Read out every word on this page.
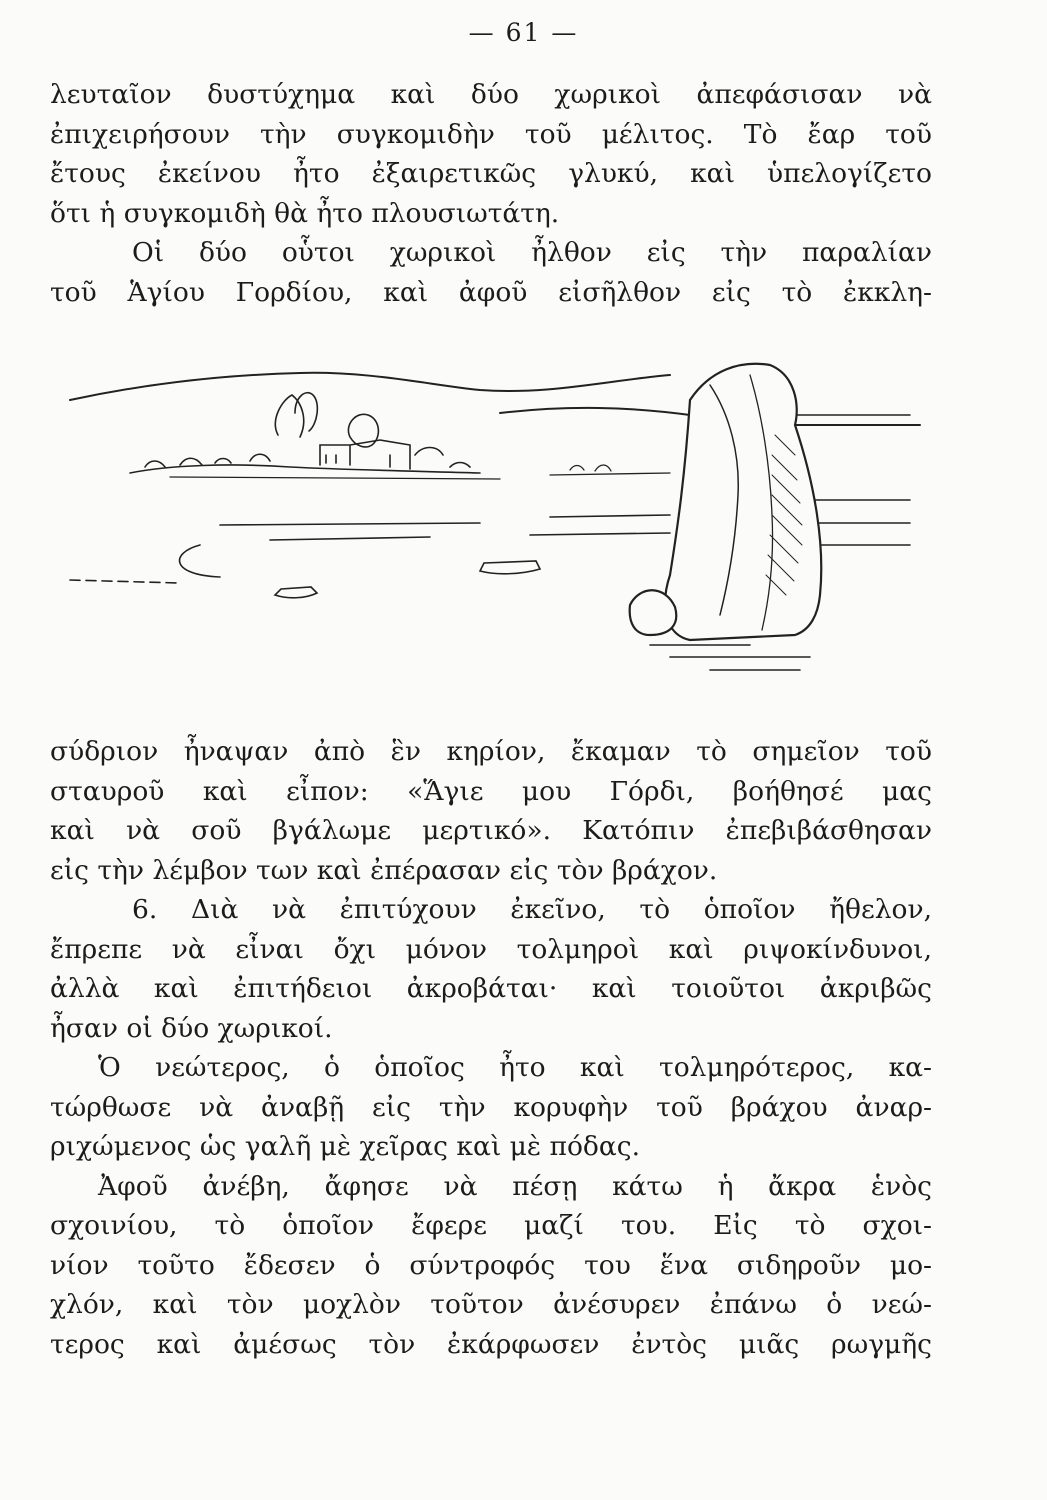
— 61 —
λευταῖον δυστύχημα καὶ δύο χωρικοὶ ἀπεφάσισαν νὰ
ἐπιχειρήσουν τὴν συγκομιδὴν τοῦ μέλιτος. Τὸ ἔαρ τοῦ
ἔτους ἐκείνου ἦτο ἐξαιρετικῶς γλυκύ, καὶ ὑπελογίζετο
ὅτι ἡ συγκομιδὴ θὰ ἦτο πλουσιωτάτη.
Οἱ δύο οὗτοι χωρικοὶ ἦλθον εἰς τὴν παραλίαν
τοῦ Ἁγίου Γορδίου, καὶ ἀφοῦ εἰσῆλθον εἰς τὸ ἐκκλη-
σύδριον ἦναψαν ἀπὸ ἓν κηρίον, ἔκαμαν τὸ σημεῖον τοῦ
σταυροῦ καὶ εἶπον: «Ἅγιε μου Γόρδι, βοήθησέ μας
καὶ νὰ σοῦ βγάλωμε μερτικό». Κατόπιν ἐπεβιβάσθησαν
εἰς τὴν λέμβον των καὶ ἐπέρασαν εἰς τὸν βράχον.
6. Διὰ νὰ ἐπιτύχουν ἐκεῖνο, τὸ ὁποῖον ἤθελον,
ἔπρεπε νὰ εἶναι ὄχι μόνον τολμηροὶ καὶ ριψοκίνδυνοι,
ἀλλὰ καὶ ἐπιτήδειοι ἀκροβάται· καὶ τοιοῦτοι ἀκριβῶς
ἦσαν οἱ δύο χωρικοί.
Ὁ νεώτερος, ὁ ὁποῖος ἦτο καὶ τολμηρότερος, κα-
τώρθωσε νὰ ἀναβῇ εἰς τὴν κορυφὴν τοῦ βράχου ἀναρ-
ριχώμενος ὡς γαλῆ μὲ χεῖρας καὶ μὲ πόδας.
Ἀφοῦ ἀνέβη, ἄφησε νὰ πέσῃ κάτω ἡ ἄκρα ἑνὸς
σχοινίου, τὸ ὁποῖον ἔφερε μαζί του. Εἰς τὸ σχοι-
νίον τοῦτο ἔδεσεν ὁ σύντροφός του ἕνα σιδηροῦν μο-
χλόν, καὶ τὸν μοχλὸν τοῦτον ἀνέσυρεν ἐπάνω ὁ νεώ-
τερος καὶ ἀμέσως τὸν ἐκάρφωσεν ἐντὸς μιᾶς ρωγμῆς
